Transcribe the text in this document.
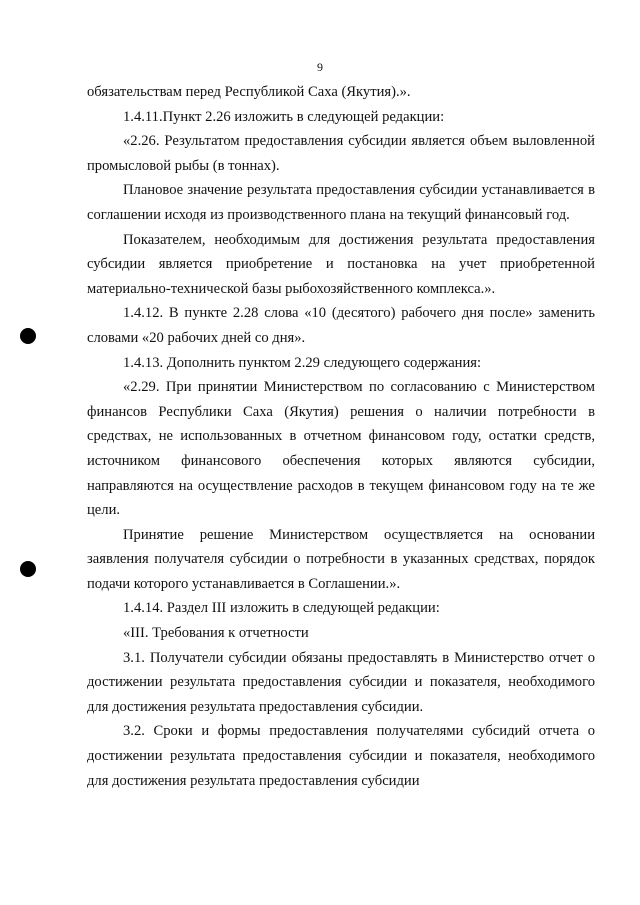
9

обязательствам перед Республикой Саха (Якутия).».

1.4.11.Пункт 2.26 изложить в следующей редакции:

«2.26. Результатом предоставления субсидии является объем выловленной промысловой рыбы (в тоннах).

Плановое значение результата предоставления субсидии устанавливается в соглашении исходя из производственного плана на текущий финансовый год.

Показателем, необходимым для достижения результата предоставления субсидии является приобретение и постановка на учет приобретенной материально-технической базы рыбохозяйственного комплекса.».

1.4.12. В пункте 2.28 слова «10 (десятого) рабочего дня после» заменить словами «20 рабочих дней со дня».

1.4.13. Дополнить пунктом 2.29 следующего содержания:

«2.29. При принятии Министерством по согласованию с Министерством финансов Республики Саха (Якутия) решения о наличии потребности в средствах, не использованных в отчетном финансовом году, остатки средств, источником финансового обеспечения которых являются субсидии, направляются на осуществление расходов в текущем финансовом году на те же цели.

Принятие решение Министерством осуществляется на основании заявления получателя субсидии о потребности в указанных средствах, порядок подачи которого устанавливается в Соглашении.».

1.4.14. Раздел III изложить в следующей редакции:

«III. Требования к отчетности

3.1. Получатели субсидии обязаны предоставлять в Министерство отчет о достижении результата предоставления субсидии и показателя, необходимого для достижения результата предоставления субсидии.

3.2. Сроки и формы предоставления получателями субсидий отчета о достижении результата предоставления субсидии и показателя, необходимого для достижения результата предоставления субсидии
